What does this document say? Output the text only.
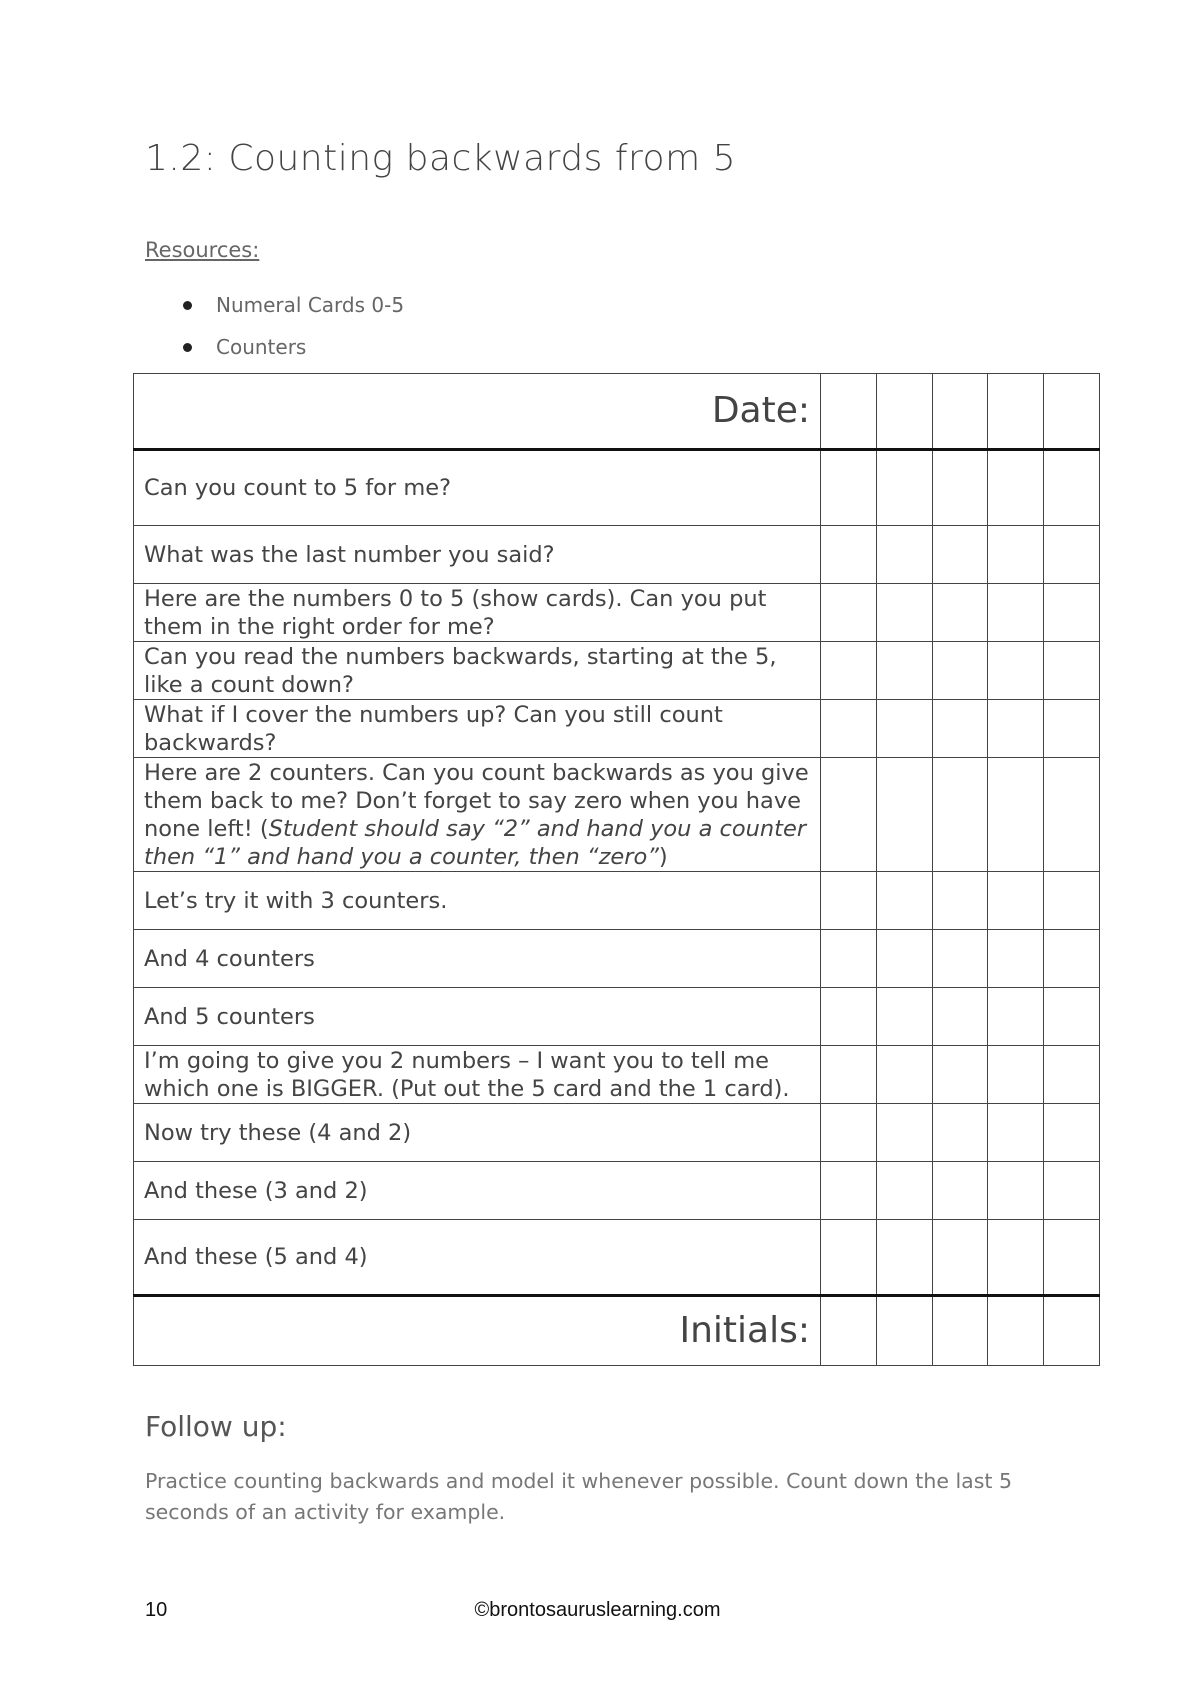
1.2: Counting backwards from 5
Resources:
Numeral Cards 0-5
Counters
Date:					
Can you count to 5 for me?					
What was the last number you said?					
Here are the numbers 0 to 5 (show cards). Can you put them in the right order for me?					
Can you read the numbers backwards, starting at the 5, like a count down?					
What if I cover the numbers up? Can you still count backwards?					
Here are 2 counters. Can you count backwards as you give them back to me? Don’t forget to say zero when you have none left! (Student should say “2” and hand you a counter then “1” and hand you a counter, then “zero”)					
Let’s try it with 3 counters.					
And 4 counters					
And 5 counters					
I’m going to give you 2 numbers – I want you to tell me which one is BIGGER. (Put out the 5 card and the 1 card).					
Now try these (4 and 2)					
And these (3 and 2)					
And these (5 and 4)					
Initials:					
Follow up:
Practice counting backwards and model it whenever possible. Count down the last 5 seconds of an activity for example.
10	©brontosauruslearning.com
